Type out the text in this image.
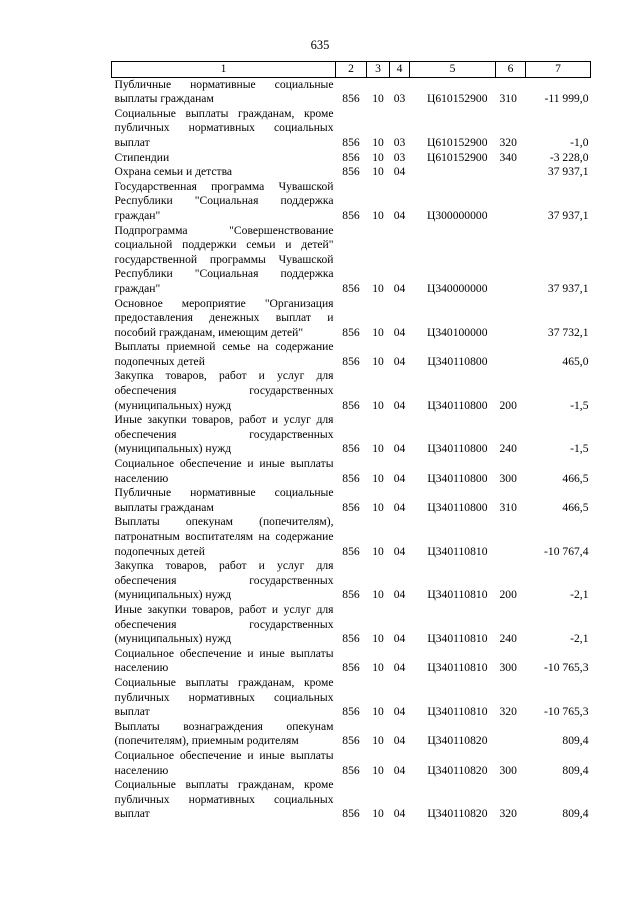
635
1	2	3	4	5	6	7
Публичные нормативные социальные выплаты гражданам	856	10	03	Ц610152900	310	-11 999,0
Социальные выплаты гражданам, кроме публичных нормативных социальных выплат	856	10	03	Ц610152900	320	-1,0
Стипендии	856	10	03	Ц610152900	340	-3 228,0
Охрана семьи и детства	856	10	04			37 937,1
Государственная программа Чувашской Республики "Социальная поддержка граждан"	856	10	04	Ц300000000		37 937,1
Подпрограмма "Совершенствование социальной поддержки семьи и детей" государственной программы Чувашской Республики "Социальная поддержка граждан"	856	10	04	Ц340000000		37 937,1
Основное мероприятие "Организация предоставления денежных выплат и пособий гражданам, имеющим детей"	856	10	04	Ц340100000		37 732,1
Выплаты приемной семье на содержание подопечных детей	856	10	04	Ц340110800		465,0
Закупка товаров, работ и услуг для обеспечения государственных (муниципальных) нужд	856	10	04	Ц340110800	200	-1,5
Иные закупки товаров, работ и услуг для обеспечения государственных (муниципальных) нужд	856	10	04	Ц340110800	240	-1,5
Социальное обеспечение и иные выплаты населению	856	10	04	Ц340110800	300	466,5
Публичные нормативные социальные выплаты гражданам	856	10	04	Ц340110800	310	466,5
Выплаты опекунам (попечителям), патронатным воспитателям на содержание подопечных детей	856	10	04	Ц340110810		-10 767,4
Закупка товаров, работ и услуг для обеспечения государственных (муниципальных) нужд	856	10	04	Ц340110810	200	-2,1
Иные закупки товаров, работ и услуг для обеспечения государственных (муниципальных) нужд	856	10	04	Ц340110810	240	-2,1
Социальное обеспечение и иные выплаты населению	856	10	04	Ц340110810	300	-10 765,3
Социальные выплаты гражданам, кроме публичных нормативных социальных выплат	856	10	04	Ц340110810	320	-10 765,3
Выплаты вознаграждения опекунам (попечителям), приемным родителям	856	10	04	Ц340110820		809,4
Социальное обеспечение и иные выплаты населению	856	10	04	Ц340110820	300	809,4
Социальные выплаты гражданам, кроме публичных нормативных социальных выплат	856	10	04	Ц340110820	320	809,4
